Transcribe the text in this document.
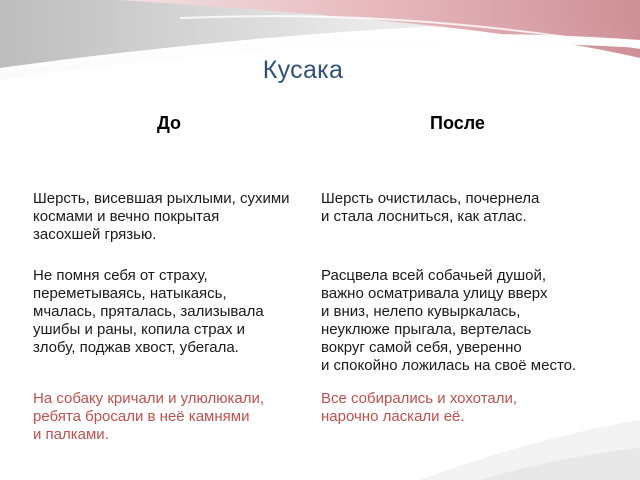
Кусака
До	После
Шерсть, висевшая рыхлыми, сухими
космами и вечно покрытая
засохшей грязью.
Шерсть очистилась, почернела
и стала лосниться, как атлас.
Не помня себя от страху,
переметываясь, натыкаясь,
мчалась, пряталась, зализывала
ушибы и раны, копила страх и
злобу, поджав хвост, убегала.
Расцвела всей собачьей душой,
важно осматривала улицу вверх
и вниз, нелепо кувыркалась,
неуклюже прыгала, вертелась
вокруг самой себя, уверенно
и спокойно ложилась на своё место.
На собаку кричали и улюлюкали,
ребята бросали в неё камнями
и палками.
Все собирались и хохотали,
нарочно ласкали её.
